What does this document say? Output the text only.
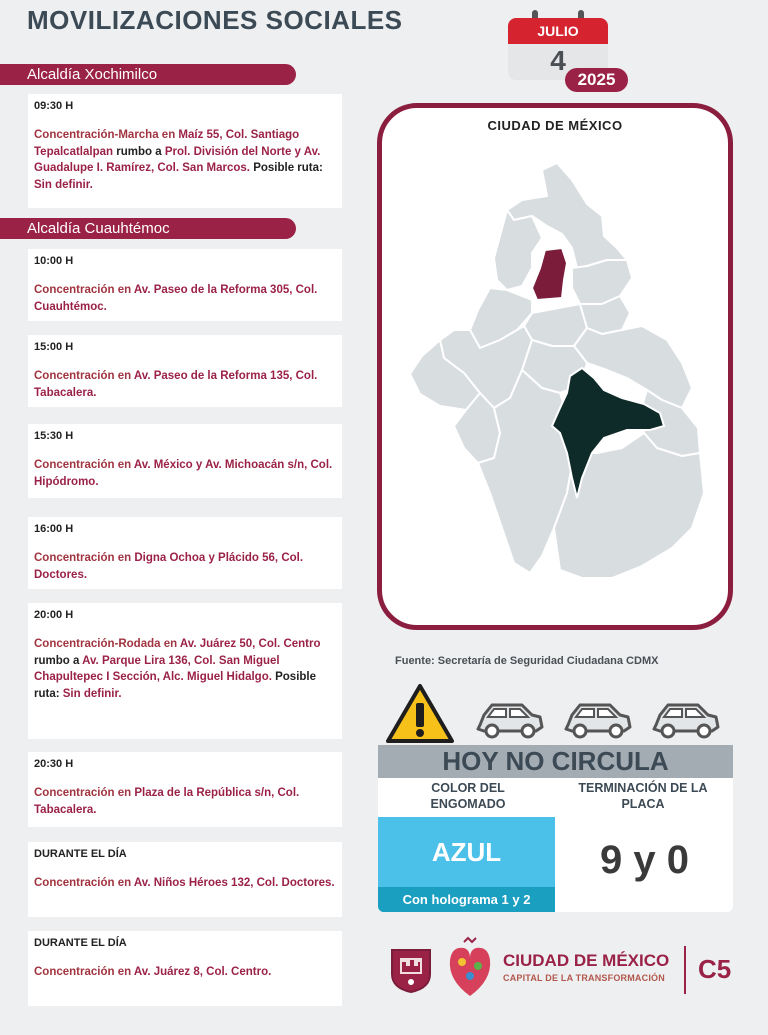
MOVILIZACIONES SOCIALES	JULIO
4
2025
Alcaldía Xochimilco
Alcaldía Cuauhtémoc
09:30 H
Concentración-Marcha en Maíz 55, Col. Santiago Tepalcatlalpan rumbo a Prol. División del Norte y Av. Guadalupe I. Ramírez, Col. San Marcos. Posible ruta: Sin definir.
10:00 H
Concentración en Av. Paseo de la Reforma 305, Col. Cuauhtémoc.
15:00 H
Concentración en Av. Paseo de la Reforma 135, Col. Tabacalera.
15:30 H
Concentración en Av. México y Av. Michoacán s/n, Col. Hipódromo.
16:00 H
Concentración en Digna Ochoa y Plácido 56, Col. Doctores.
20:00 H
Concentración-Rodada en Av. Juárez 50, Col. Centro rumbo a Av. Parque Lira 136, Col. San Miguel Chapultepec I Sección, Alc. Miguel Hidalgo. Posible ruta: Sin definir.
20:30 H
Concentración en Plaza de la República s/n, Col. Tabacalera.
DURANTE EL DÍA
Concentración en Av. Niños Héroes 132, Col. Doctores.
DURANTE EL DÍA
Concentración en Av. Juárez 8, Col. Centro.
CIUDAD DE MÉXICO
Fuente: Secretaría de Seguridad Ciudadana CDMX
HOY NO CIRCULA
COLOR DEL ENGOMADO
TERMINACIÓN DE LA PLACA
AZUL
Con holograma 1 y 2
9 y 0
CIUDAD DE MÉXICO
CAPITAL DE LA TRANSFORMACIÓN C5
